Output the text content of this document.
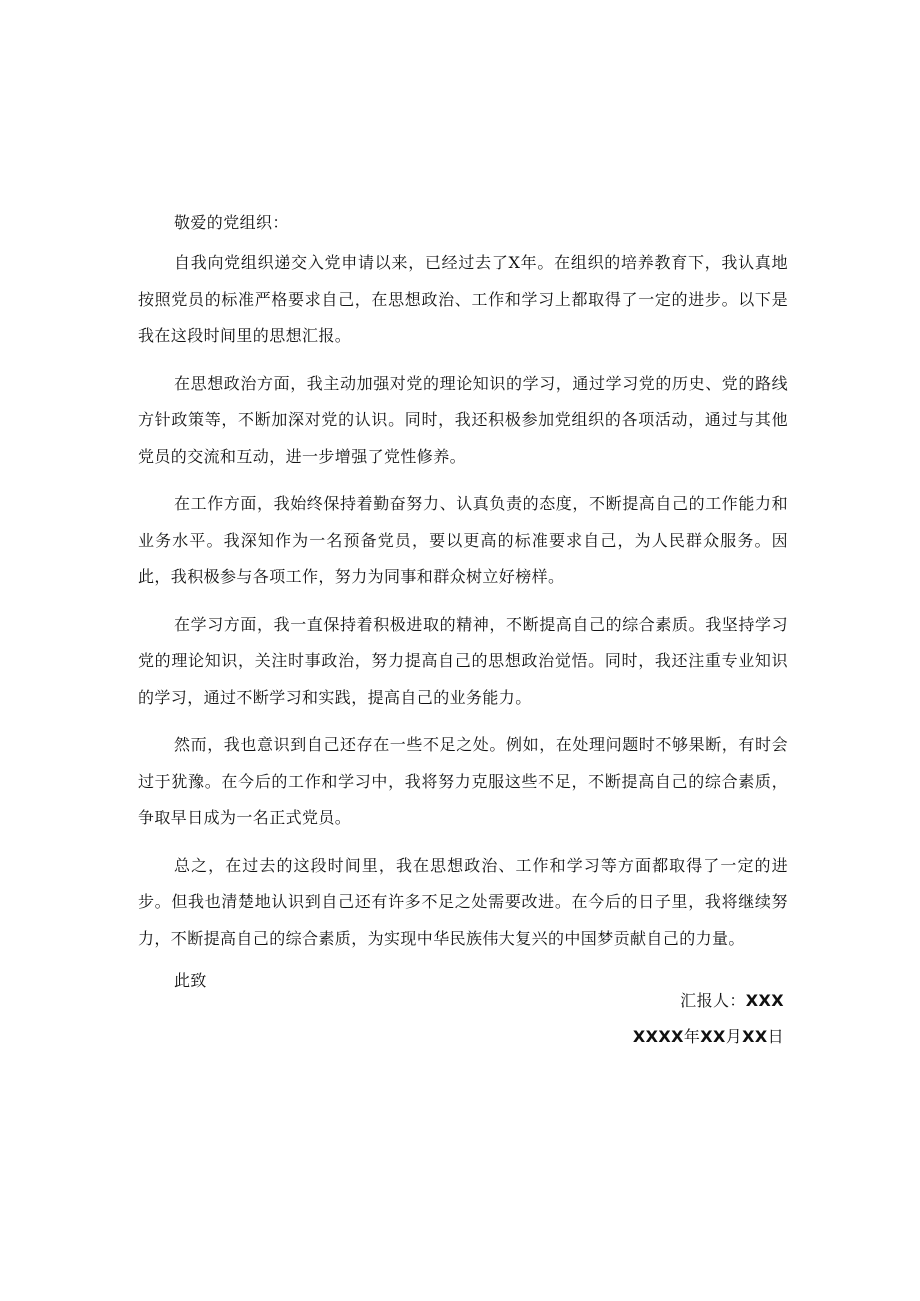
敬爱的党组织：

自我向党组织递交入党申请以来，已经过去了X年。在组织的培养教育下，我认真地按照党员的标准严格要求自己，在思想政治、工作和学习上都取得了一定的进步。以下是我在这段时间里的思想汇报。

在思想政治方面，我主动加强对党的理论知识的学习，通过学习党的历史、党的路线方针政策等，不断加深对党的认识。同时，我还积极参加党组织的各项活动，通过与其他党员的交流和互动，进一步增强了党性修养。

在工作方面，我始终保持着勤奋努力、认真负责的态度，不断提高自己的工作能力和业务水平。我深知作为一名预备党员，要以更高的标准要求自己，为人民群众服务。因此，我积极参与各项工作，努力为同事和群众树立好榜样。

在学习方面，我一直保持着积极进取的精神，不断提高自己的综合素质。我坚持学习党的理论知识，关注时事政治，努力提高自己的思想政治觉悟。同时，我还注重专业知识的学习，通过不断学习和实践，提高自己的业务能力。

然而，我也意识到自己还存在一些不足之处。例如，在处理问题时不够果断，有时会过于犹豫。在今后的工作和学习中，我将努力克服这些不足，不断提高自己的综合素质，争取早日成为一名正式党员。

总之，在过去的这段时间里，我在思想政治、工作和学习等方面都取得了一定的进步。但我也清楚地认识到自己还有许多不足之处需要改进。在今后的日子里，我将继续努力，不断提高自己的综合素质，为实现中华民族伟大复兴的中国梦贡献自己的力量。

此致

汇报人：XXX
XXXX年XX月XX日
